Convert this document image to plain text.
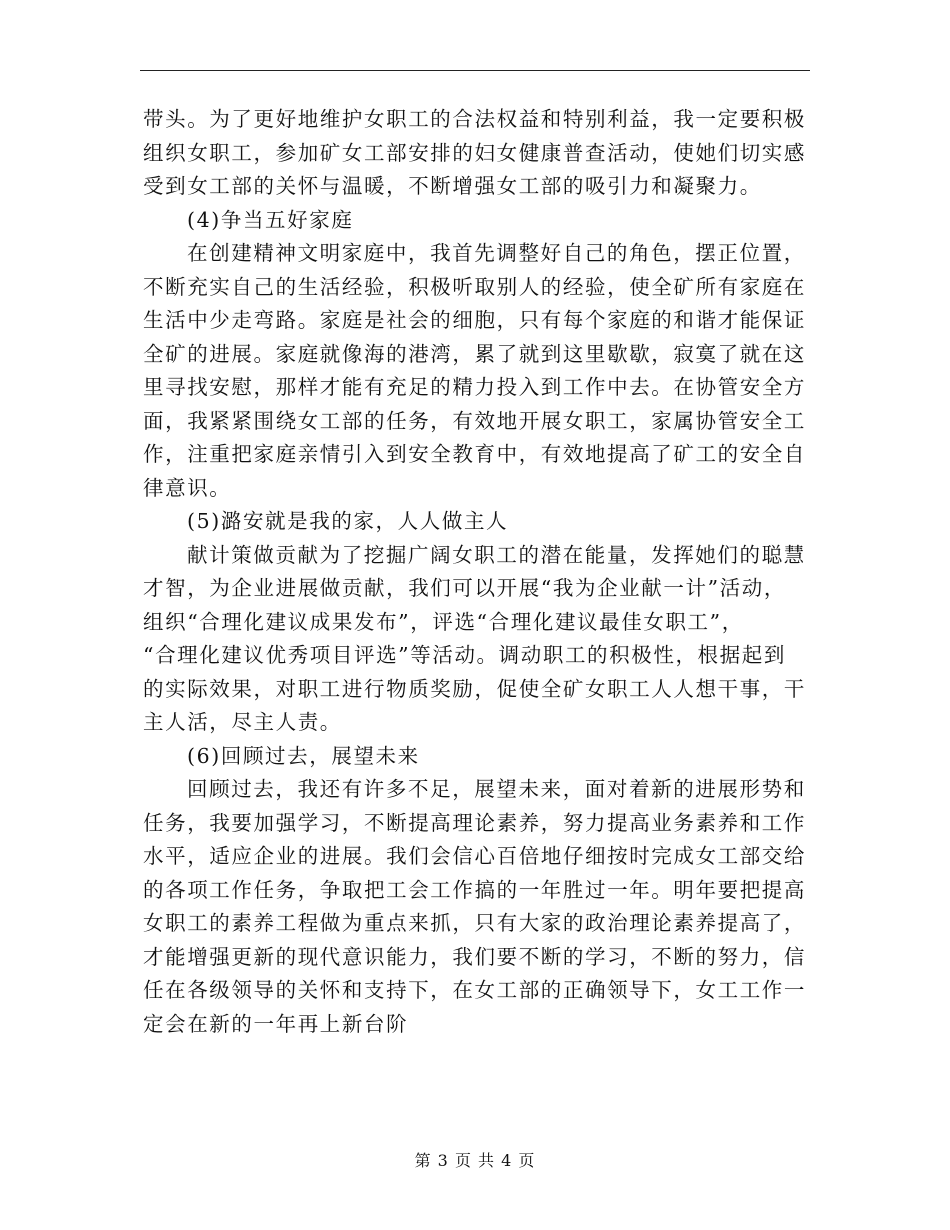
带头。为了更好地维护女职工的合法权益和特别利益，我一定要积极
组织女职工，参加矿女工部安排的妇女健康普查活动，使她们切实感
受到女工部的关怀与温暖，不断增强女工部的吸引力和凝聚力。
(4)争当五好家庭
在创建精神文明家庭中，我首先调整好自己的角色，摆正位置，
不断充实自己的生活经验，积极听取别人的经验，使全矿所有家庭在
生活中少走弯路。家庭是社会的细胞，只有每个家庭的和谐才能保证
全矿的进展。家庭就像海的港湾，累了就到这里歇歇，寂寞了就在这
里寻找安慰，那样才能有充足的精力投入到工作中去。在协管安全方
面，我紧紧围绕女工部的任务，有效地开展女职工，家属协管安全工
作，注重把家庭亲情引入到安全教育中，有效地提高了矿工的安全自
律意识。
(5)潞安就是我的家，人人做主人
献计策做贡献为了挖掘广阔女职工的潜在能量，发挥她们的聪慧
才智，为企业进展做贡献，我们可以开展“我为企业献一计”活动，
组织“合理化建议成果发布”，评选“合理化建议最佳女职工”，
“合理化建议优秀项目评选”等活动。调动职工的积极性，根据起到
的实际效果，对职工进行物质奖励，促使全矿女职工人人想干事，干
主人活，尽主人责。
(6)回顾过去，展望未来
回顾过去，我还有许多不足，展望未来，面对着新的进展形势和
任务，我要加强学习，不断提高理论素养，努力提高业务素养和工作
水平，适应企业的进展。我们会信心百倍地仔细按时完成女工部交给
的各项工作任务，争取把工会工作搞的一年胜过一年。明年要把提高
女职工的素养工程做为重点来抓，只有大家的政治理论素养提高了，
才能增强更新的现代意识能力，我们要不断的学习，不断的努力，信
任在各级领导的关怀和支持下，在女工部的正确领导下，女工工作一
定会在新的一年再上新台阶
第 3 页 共 4 页
